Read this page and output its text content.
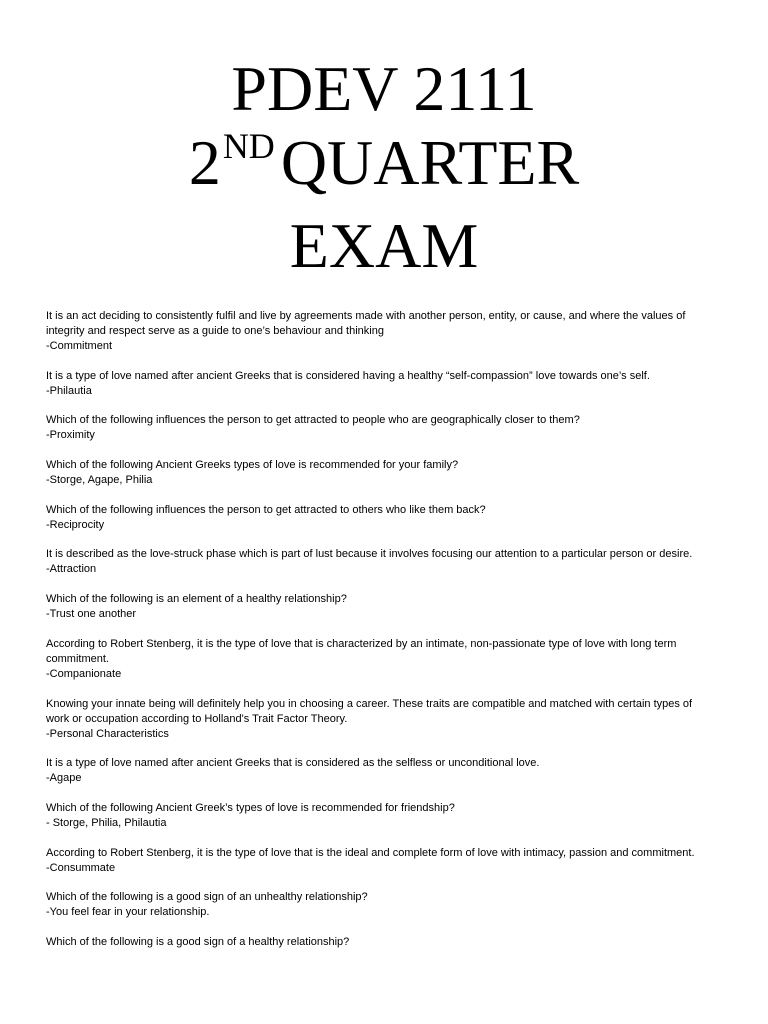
PDEV 2111
2NDQUARTER
EXAM
It is an act deciding to consistently fulfil and live by agreements made with another person, entity, or cause, and where the values of integrity and respect serve as a guide to one’s behaviour and thinking
-Commitment
It is a type of love named after ancient Greeks that is considered having a healthy “self-compassion” love towards one’s self.
-Philautia
Which of the following influences the person to get attracted to people who are geographically closer to them?
-Proximity
Which of the following Ancient Greeks types of love is recommended for your family?
-Storge, Agape, Philia
Which of the following influences the person to get attracted to others who like them back?
-Reciprocity
It is described as the love-struck phase which is part of lust because it involves focusing our attention to a particular person or desire.
-Attraction
Which of the following is an element of a healthy relationship?
-Trust one another
According to Robert Stenberg, it is the type of love that is characterized by an intimate, non-passionate type of love with long term commitment.
-Companionate
Knowing your innate being will definitely help you in choosing a career. These traits are compatible and matched with certain types of work or occupation according to Holland's Trait Factor Theory.
-Personal Characteristics
It is a type of love named after ancient Greeks that is considered as the selfless or unconditional love.
-Agape
Which of the following Ancient Greek’s types of love is recommended for friendship?
- Storge, Philia, Philautia
According to Robert Stenberg, it is the type of love that is the ideal and complete form of love with intimacy, passion and commitment.
-Consummate
Which of the following is a good sign of an unhealthy relationship?
-You feel fear in your relationship.
Which of the following is a good sign of a healthy relationship?
